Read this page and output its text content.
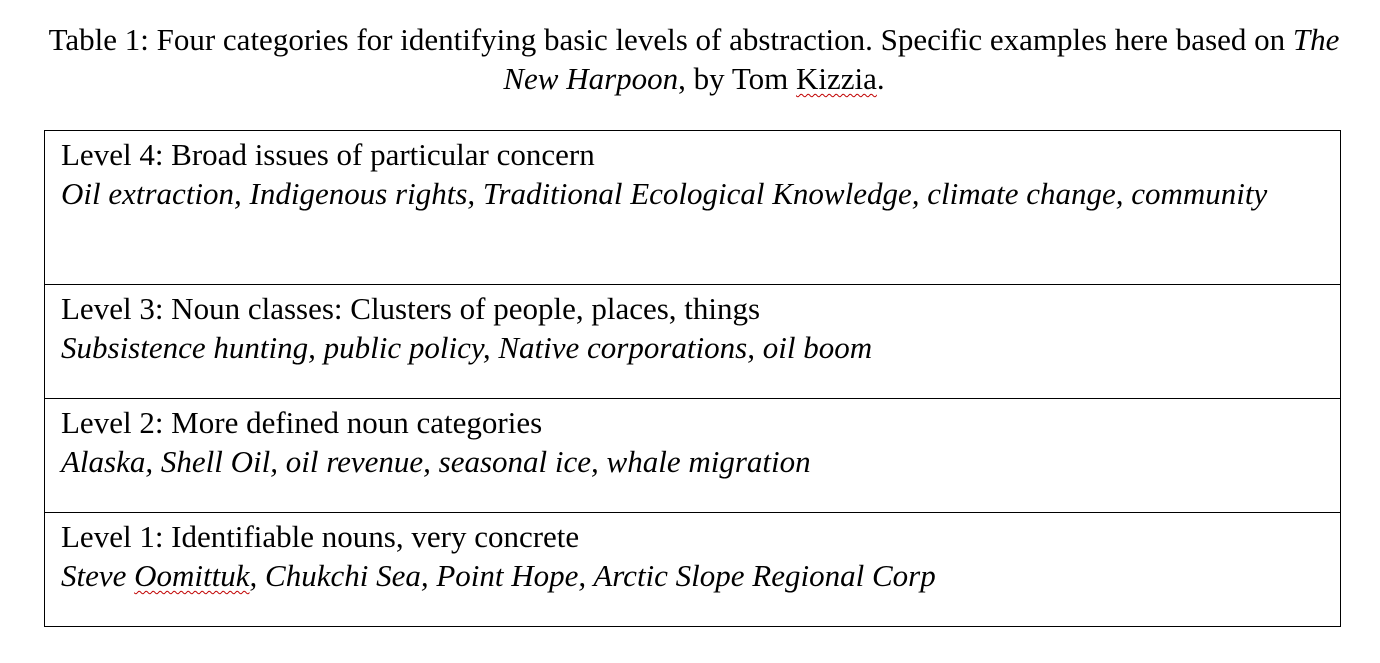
Table 1: Four categories for identifying basic levels of abstraction. Specific examples here based on The New Harpoon, by Tom Kizzia.
Level 4: Broad issues of particular concern
Oil extraction, Indigenous rights, Traditional Ecological Knowledge, climate change, community
Level 3: Noun classes: Clusters of people, places, things
Subsistence hunting, public policy, Native corporations, oil boom
Level 2: More defined noun categories
Alaska, Shell Oil, oil revenue, seasonal ice, whale migration
Level 1: Identifiable nouns, very concrete
Steve Oomittuk, Chukchi Sea, Point Hope, Arctic Slope Regional Corp
